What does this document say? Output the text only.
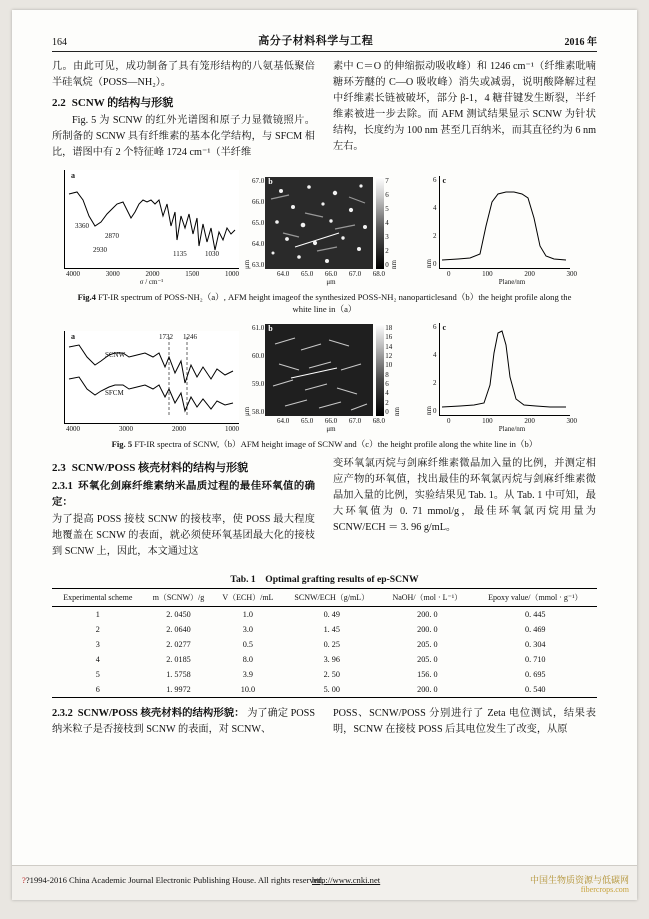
164	高分子材料科学与工程	2016 年

几。由此可见，成功制备了具有笼形结构的八氨基低聚倍半硅氧烷（POSS—NH₂）。

2.2 SCNW 的结构与形貌

Fig. 5 为 SCNW 的红外光谱图和原子力显微镜照片。所制备的 SCNW 具有纤维素的基本化学结构，与 SFCM 相比，谱图中有 2 个特征峰 1724 cm⁻¹（半纤维

素中 C＝O 的伸缩振动吸收峰）和 1246 cm⁻¹（纤维素吡喃糖环芳醚的 C—O 吸收峰）消失或减弱，说明酸降解过程中纤维素长链被破坏，部分 β-1，4 糖苷键发生断裂，半纤维素被进一步去除。而 AFM 测试结果显示 SCNW 为针状结构，长度约为 100 nm 甚至几百纳米，而其直径约为 6 nm 左右。

a
3360
2870
2930	1135	1030
4000	3000	2000	1500	1000
σ / cm⁻¹
μm
67.0
66.0
65.0
64.0
63.0
b
0
2
3
4
5
6
7
nm
64.0 65.0 66.0 67.0 68.0
μm
nm 0
2
4
6 c
0	100	200	300
Plane/nm
Fig.4 FT-IR spectrum of POSS-NH₂（a）, AFM height imageof the synthesized POSS-NH₂ nanoparticlesand（b）the height profile along the white line in（a）
a
SCNW
SFCM
1732 1246
4000	3000	2000	1000
μm
61.0
60.0
59.0
58.0
b
0
2
4
6
8
10
12
14
16
18
nm
64.0 65.0 66.0 67.0 68.0
μm
nm 0
2
4
6 c
0	100	200	300
Plane/nm
Fig. 5 FT-IR spectra of SCNW,（b）AFM height image of SCNW and（c）the height profile along the white line in（b）
2.3 SCNW/POSS 核壳材料的结构与形貌
2.3.1 环氧化剑麻纤维素纳米晶质过程的最佳环氧值的确定：

为了提高 POSS 接枝 SCNW 的接枝率，使 POSS 最大程度地覆盖在 SCNW 的表面，就必须使环氧基团最大化的接枝到 SCNW 上，因此，本文通过这

变环氧氯丙烷与剑麻纤维素微晶加入量的比例，并测定相应产物的环氧值，找出最佳的环氧氯丙烷与剑麻纤维素微晶加入量的比例，实验结果见 Tab. 1。从 Tab. 1 中可知，最大环氧值为 0. 71 mmol/g，最佳环氧氯丙烷用量为 SCNW/ECH ＝ 3. 96 g/mL。

Tab. 1　Optimal grafting results of ep-SCNW
Experimental scheme	m（SCNW）/g	V（ECH）/mL	SCNW/ECH（g/mL）	NaOH/（mol · L⁻¹）	Epoxy value/（mmol · g⁻¹）
1	2. 0450	1.0	0. 49	200. 0	0. 445
2	2. 0640	3.0	1. 45	200. 0	0. 469
3	2. 0277	0.5	0. 25	205. 0	0. 304
4	2. 0185	8.0	3. 96	205. 0	0. 710
5	1. 5758	3.9	2. 50	156. 0	0. 695
6	1. 9972	10.0	5. 00	200. 0	0. 540
2.3.2 SCNW/POSS 核壳材料的结构形貌： 为了确定 POSS 纳米粒子是否接枝到 SCNW 的表面，对 SCNW、

POSS、SCNW/POSS 分别进行了 Zeta 电位测试，结果表明，SCNW 在接枝 POSS 后其电位发生了改变，从原

??1994-2016 China Academic Journal Electronic Publishing House. All rights reserved.
http://www.cnki.net	中国生物质资源与低碳网
fibercrops.com
